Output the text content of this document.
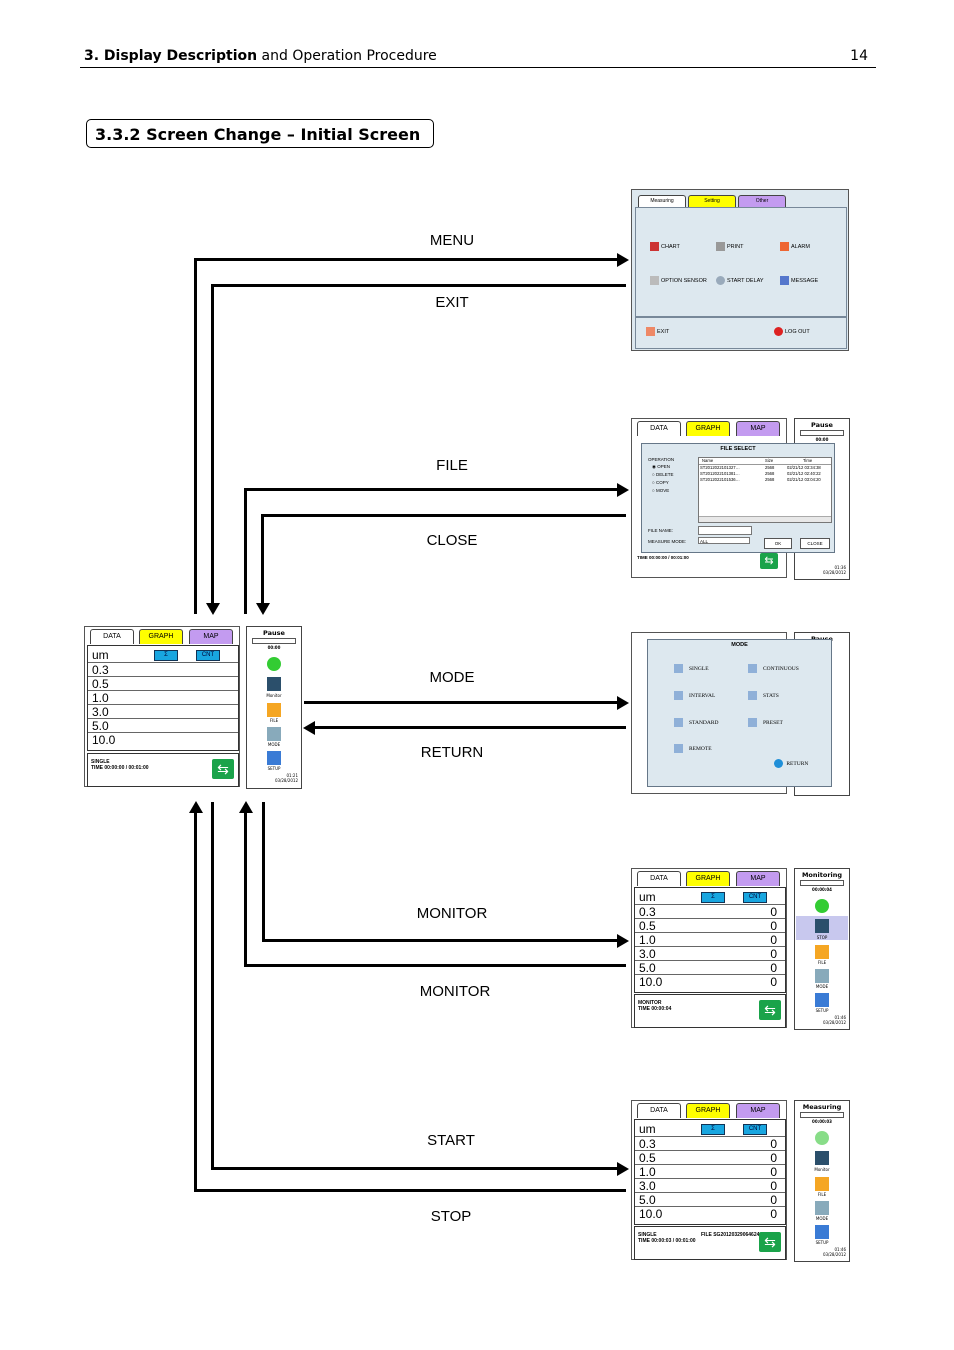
3. Display Description and Operation Procedure	14
3.3.2 Screen Change – Initial Screen
MENU
EXIT
FILE
CLOSE
MODE
RETURN
MONITOR
MONITOR
START
STOP
DATA	GRAPH	MAP
um	Σ	CNT
0.3
0.5
1.0
3.0
5.0
10.0
SINGLE
TIME 00:00:00 / 00:01:00	⇆
Pause
00:00
Monitor
FILE
MODE
SETUP
01:21
03/28/2012
Measuring	Setting	Other
CHART	PRINT	ALARM
OPTION SENSOR	START DELAY	MESSAGE
EXIT	LOG OUT
DATA	GRAPH	MAP
TIME 00:00:00 / 00:01:00	⇆
Pause
00:00
01:36
03/28/2012
FILE SELECT
OPERATION
◉ OPEN
○ DELETE
○ COPY
○ MOVE
Name	Size	Time
ST2012022101327…	2568	02/21/12 03:34:38
ST2012022101381…	2568	02/21/12 02:40:22
ST2012022101536…	2568	02/21/12 03:04:20
FILE NAME:
MEASURE MODE:	ALL	OK	CLOSE
MODE
SINGLE	CONTINUOUS
INTERVAL	STATS
STANDARD	PRESET
REMOTE
RETURN
DATA	GRAPH	MAP
um	Σ	CNT
0.3	0
0.5	0
1.0	0
3.0	0
5.0	0
10.0	0
MONITOR
TIME 00:00:04	⇆
Monitoring
00:00:04
STOP
FILE
MODE
SETUP
01:46
03/28/2012
DATA	GRAPH	MAP
um	Σ	CNT
0.3	0
0.5	0
1.0	0
3.0	0
5.0	0
10.0	0
SINGLE	FILE SG20120329064624
TIME 00:00:03 / 00:01:00	⇆
Measuring
00:00:03
Monitor
FILE
MODE
SETUP
01:46
03/28/2012
